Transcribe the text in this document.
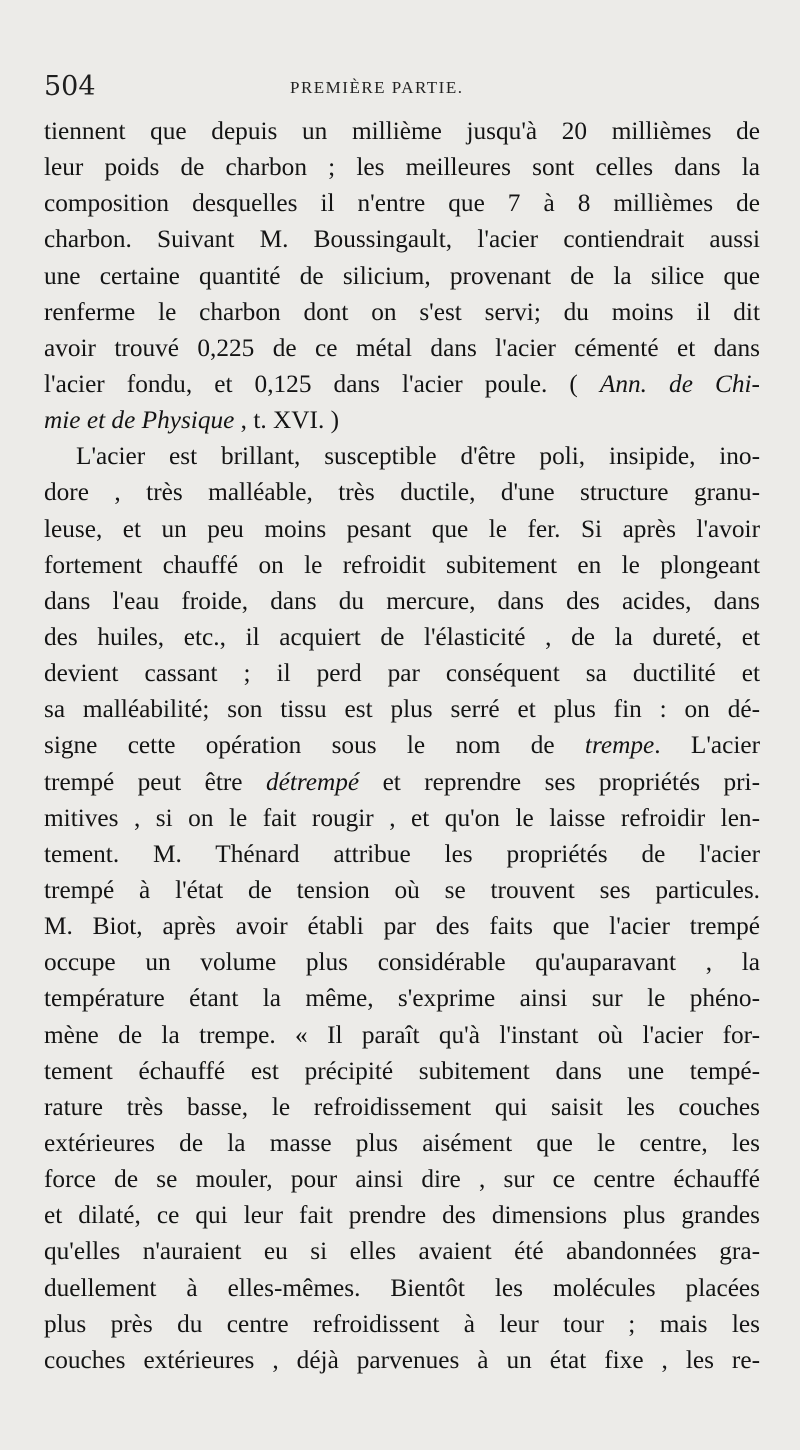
504	PREMIÈRE PARTIE.
tiennent que depuis un millième jusqu'à 20 millièmes de
leur poids de charbon ; les meilleures sont celles dans la
composition desquelles il n'entre que 7 à 8 millièmes de
charbon. Suivant M. Boussingault, l'acier contiendrait aussi
une certaine quantité de silicium, provenant de la silice que
renferme le charbon dont on s'est servi; du moins il dit
avoir trouvé 0,225 de ce métal dans l'acier cémenté et dans
l'acier fondu, et 0,125 dans l'acier poule. ( Ann. de Chi-
mie et de Physique , t. XVI. )
L'acier est brillant, susceptible d'être poli, insipide, ino-
dore , très malléable, très ductile, d'une structure granu-
leuse, et un peu moins pesant que le fer. Si après l'avoir
fortement chauffé on le refroidit subitement en le plongeant
dans l'eau froide, dans du mercure, dans des acides, dans
des huiles, etc., il acquiert de l'élasticité , de la dureté, et
devient cassant ; il perd par conséquent sa ductilité et
sa malléabilité; son tissu est plus serré et plus fin : on dé-
signe cette opération sous le nom de trempe. L'acier
trempé peut être détrempé et reprendre ses propriétés pri-
mitives , si on le fait rougir , et qu'on le laisse refroidir len-
tement. M. Thénard attribue les propriétés de l'acier
trempé à l'état de tension où se trouvent ses particules.
M. Biot, après avoir établi par des faits que l'acier trempé
occupe un volume plus considérable qu'auparavant , la
température étant la même, s'exprime ainsi sur le phéno-
mène de la trempe. « Il paraît qu'à l'instant où l'acier for-
tement échauffé est précipité subitement dans une tempé-
rature très basse, le refroidissement qui saisit les couches
extérieures de la masse plus aisément que le centre, les
force de se mouler, pour ainsi dire , sur ce centre échauffé
et dilaté, ce qui leur fait prendre des dimensions plus grandes
qu'elles n'auraient eu si elles avaient été abandonnées gra-
duellement à elles-mêmes. Bientôt les molécules placées
plus près du centre refroidissent à leur tour ; mais les
couches extérieures , déjà parvenues à un état fixe , les re-
